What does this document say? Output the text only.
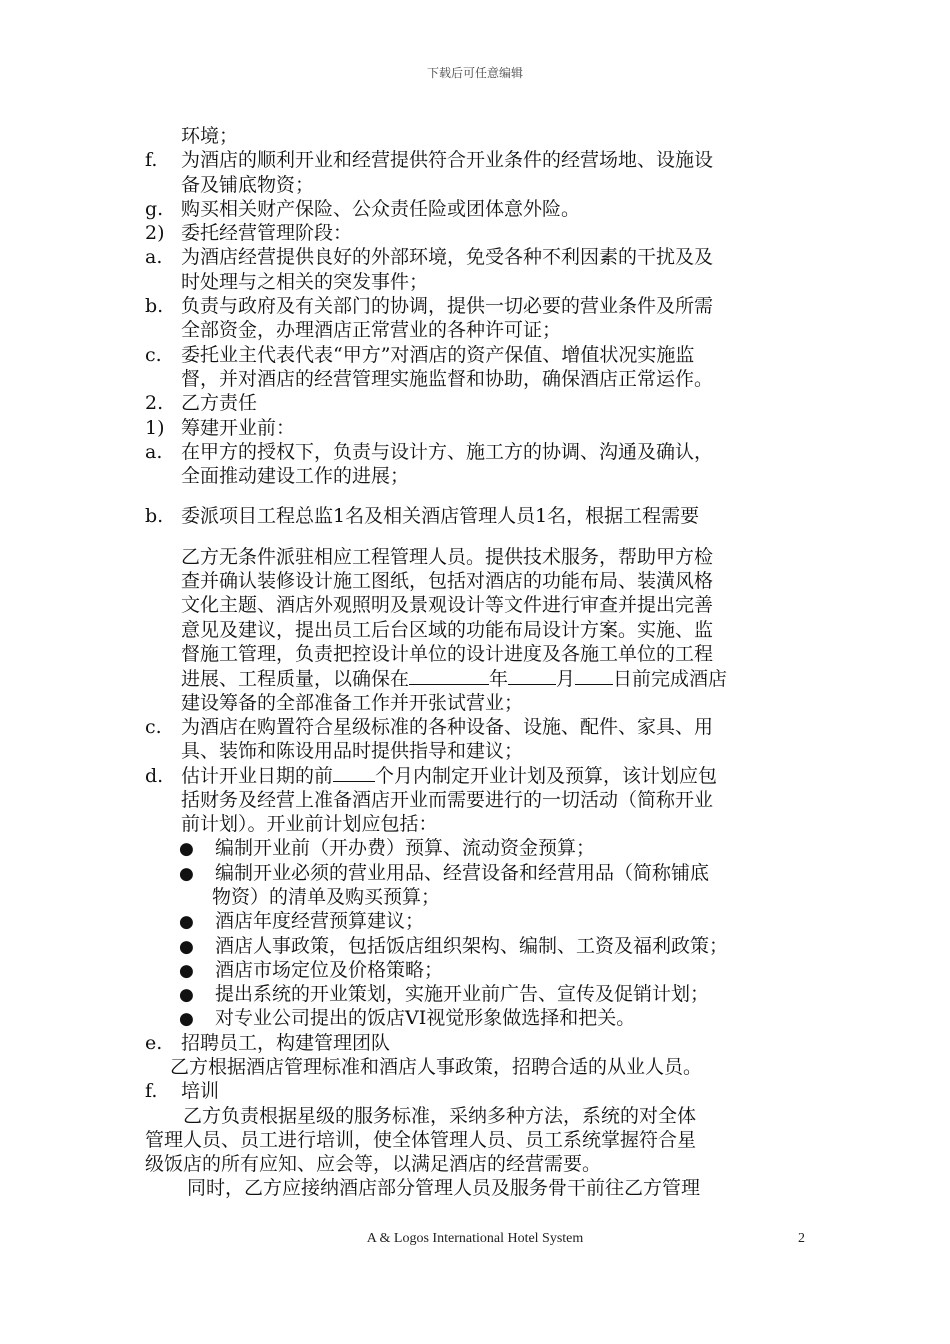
下载后可任意编辑
环境；
f. 为酒店的顺利开业和经营提供符合开业条件的经营场地、设施设
备及铺底物资；
g. 购买相关财产保险、公众责任险或团体意外险。
2) 委托经营管理阶段：
a. 为酒店经营提供良好的外部环境，免受各种不利因素的干扰及及
时处理与之相关的突发事件；
b. 负责与政府及有关部门的协调，提供一切必要的营业条件及所需
全部资金，办理酒店正常营业的各种许可证；
c. 委托业主代表代表“甲方”对酒店的资产保值、增值状况实施监
督，并对酒店的经营管理实施监督和协助，确保酒店正常运作。
2. 乙方责任
1) 筹建开业前：
a. 在甲方的授权下，负责与设计方、施工方的协调、沟通及确认，
全面推动建设工作的进展；
b. 委派项目工程总监1名及相关酒店管理人员1名，根据工程需要
乙方无条件派驻相应工程管理人员。提供技术服务，帮助甲方检
查并确认装修设计施工图纸，包括对酒店的功能布局、装潢风格
文化主题、酒店外观照明及景观设计等文件进行审查并提出完善
意见及建议，提出员工后台区域的功能布局设计方案。实施、监
督施工管理，负责把控设计单位的设计进度及各施工单位的工程
进展、工程质量，以确保在	年	月 日前完成酒店
建设筹备的全部准备工作并开张试营业；
c. 为酒店在购置符合星级标准的各种设备、设施、配件、家具、用
具、装饰和陈设用品时提供指导和建议；
d. 估计开业日期的前 个月内制定开业计划及预算，该计划应包
括财务及经营上准备酒店开业而需要进行的一切活动（简称开业
前计划）。开业前计划应包括：
● 编制开业前（开办费）预算、流动资金预算；
● 编制开业必须的营业用品、经营设备和经营用品（简称铺底
物资）的清单及购买预算；
● 酒店年度经营预算建议；
● 酒店人事政策，包括饭店组织架构、编制、工资及福利政策；
● 酒店市场定位及价格策略；
● 提出系统的开业策划，实施开业前广告、宣传及促销计划；
● 对专业公司提出的饭店VI视觉形象做选择和把关。
e. 招聘员工，构建管理团队
乙方根据酒店管理标准和酒店人事政策，招聘合适的从业人员。
f. 培训
乙方负责根据星级的服务标准，采纳多种方法，系统的对全体
管理人员、员工进行培训，使全体管理人员、员工系统掌握符合星
级饭店的所有应知、应会等，以满足酒店的经营需要。
同时，乙方应接纳酒店部分管理人员及服务骨干前往乙方管理
A & Logos International Hotel System	2
